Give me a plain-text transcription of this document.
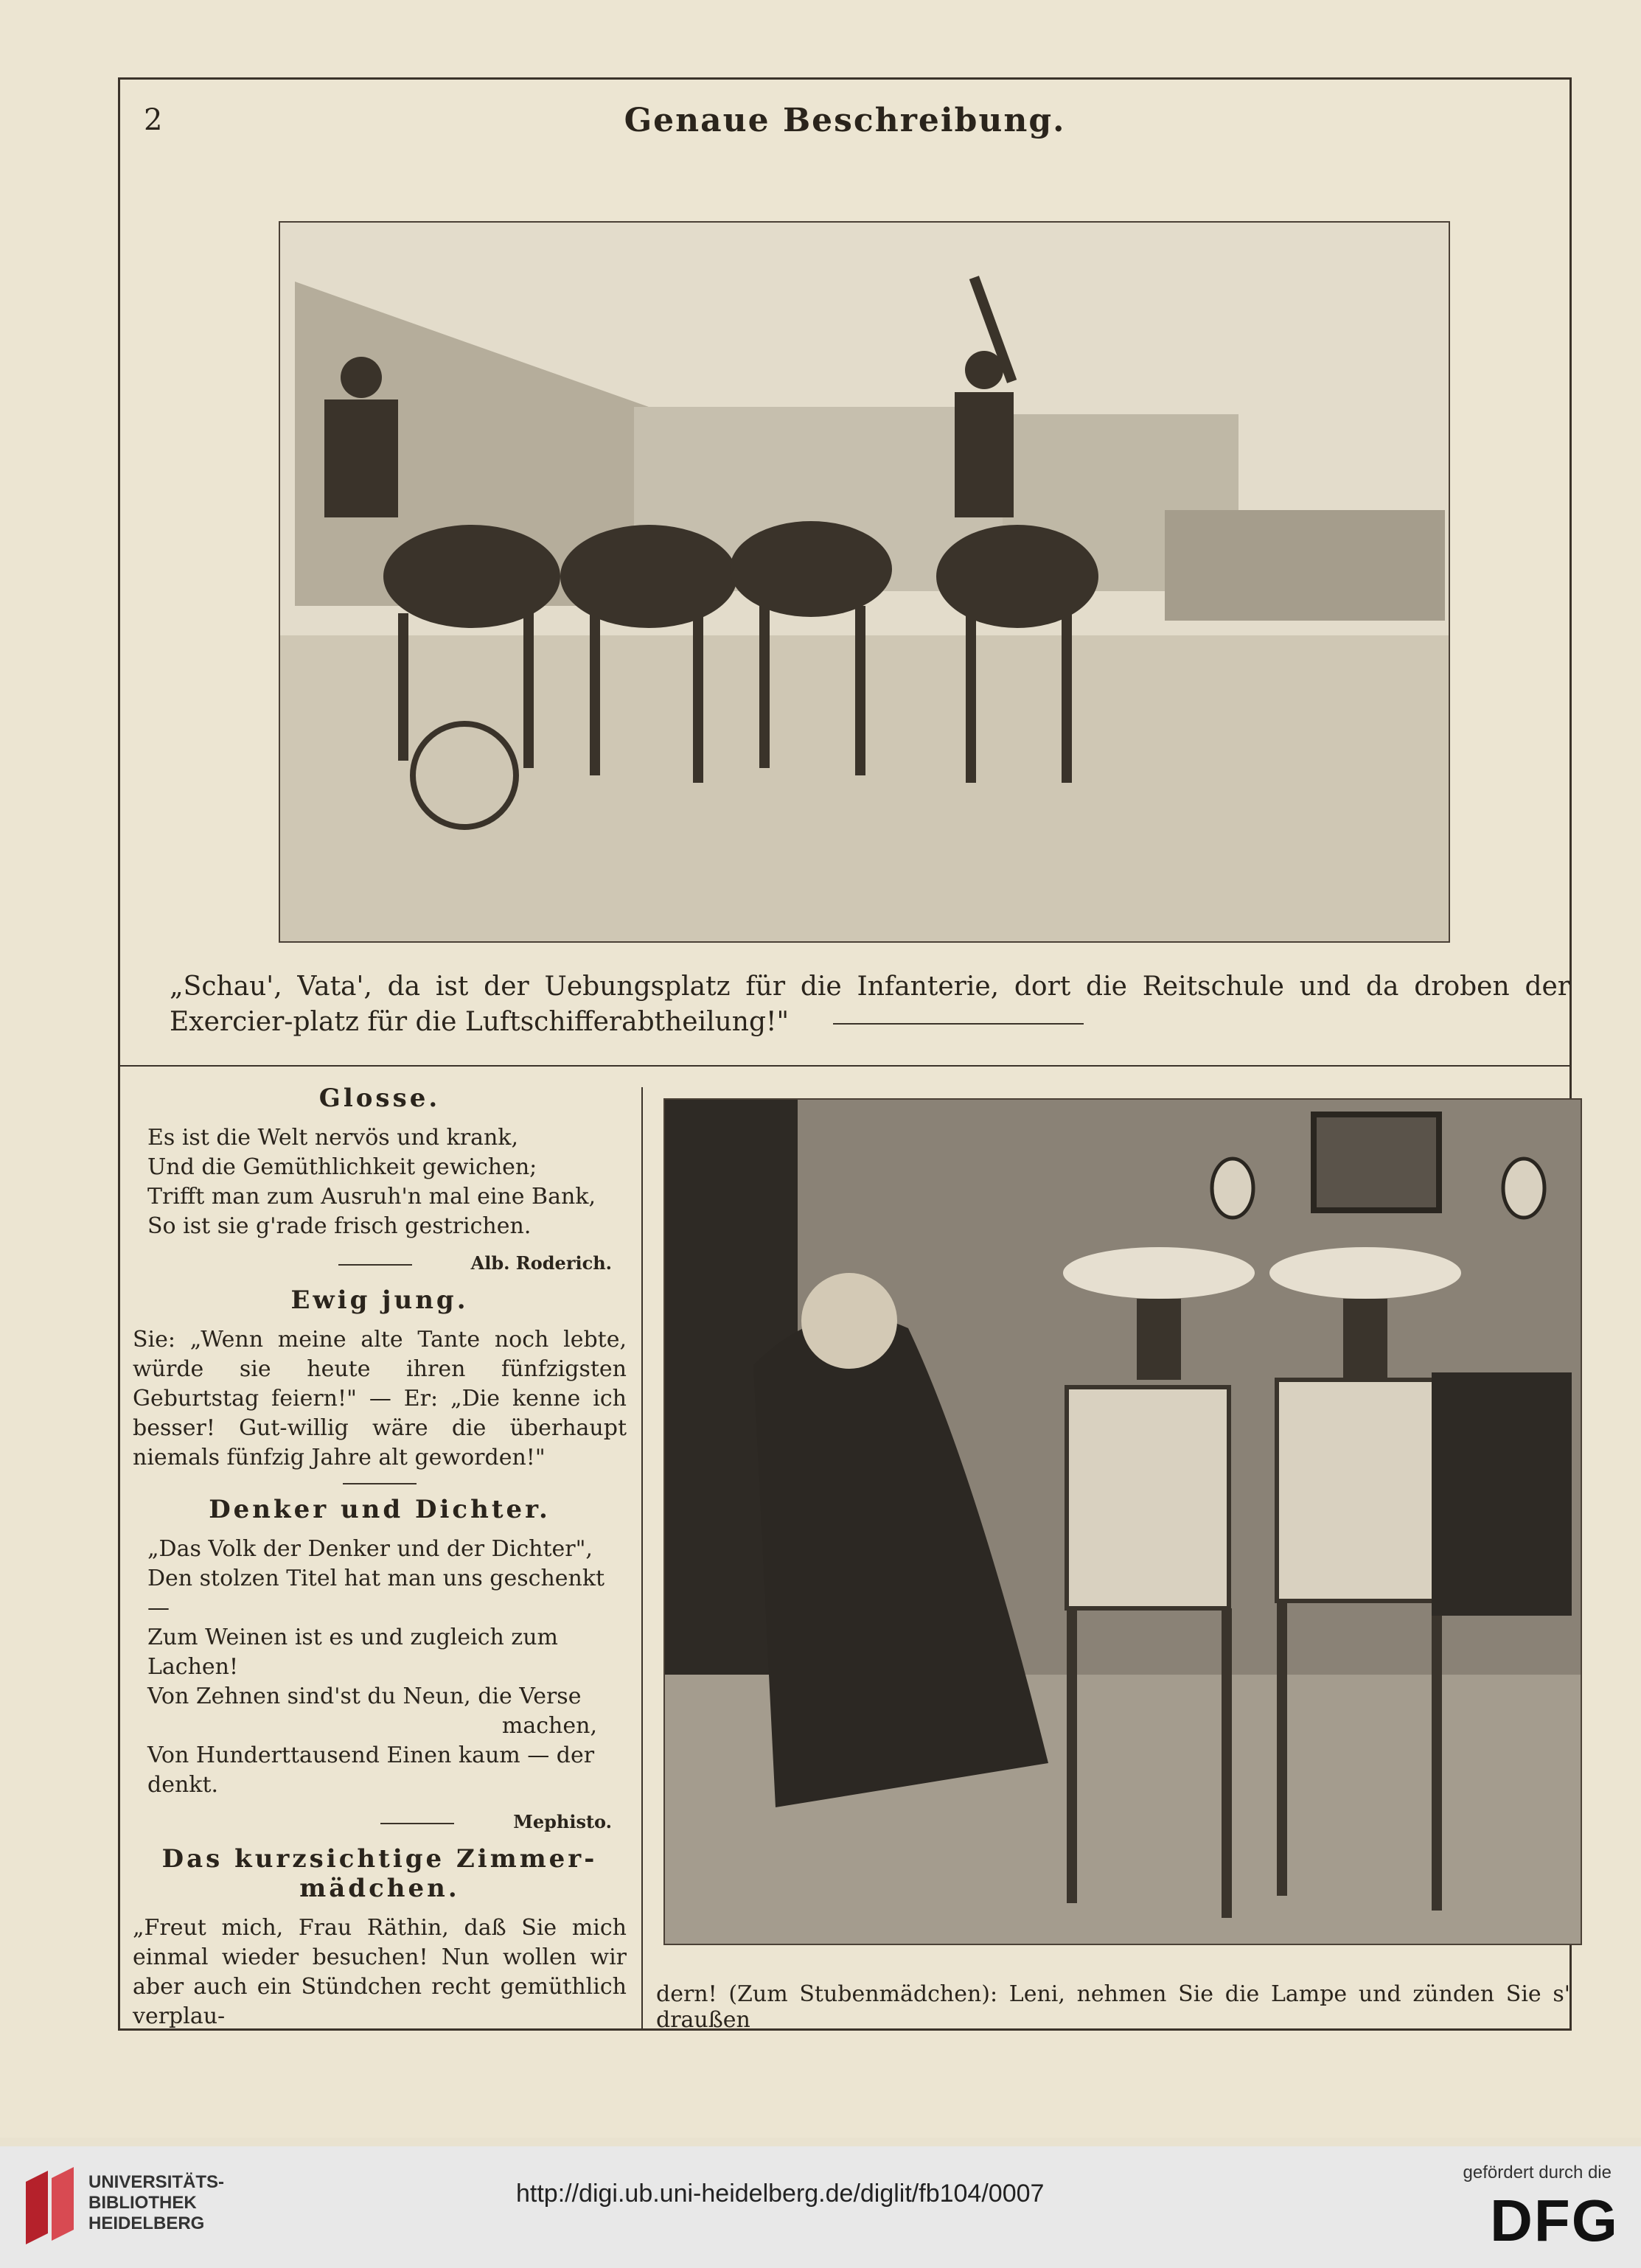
2	Genaue Beschreibung.
„Schau', Vata', da ist der Uebungsplatz für die Infanterie, dort die Reitschule und da droben der Exercier-platz für die Luftschifferabtheilung!"
Glosse.
Es ist die Welt nervös und krank,
Und die Gemüthlichkeit gewichen;
Trifft man zum Ausruh'n mal eine Bank,
So ist sie g'rade frisch gestrichen.
Alb. Roderich.
Ewig jung.

Sie: „Wenn meine alte Tante noch lebte, würde sie heute ihren fünfzigsten Geburtstag feiern!" — Er: „Die kenne ich besser! Gut-willig wäre die überhaupt niemals fünfzig Jahre alt geworden!"

Denker und Dichter.
„Das Volk der Denker und der Dichter",
Den stolzen Titel hat man uns geschenkt —
Zum Weinen ist es und zugleich zum Lachen!
Von Zehnen sind'st du Neun, die Verse
machen,
Von Hunderttausend Einen kaum — der denkt.
Mephisto.
Das kurzsichtige Zimmer-mädchen.

„Freut mich, Frau Räthin, daß Sie mich einmal wieder besuchen! Nun wollen wir aber auch ein Stündchen recht gemüthlich verplau-

dern! (Zum Stubenmädchen): Leni, nehmen Sie die Lampe und zünden Sie s' draußen
UNIVERSITÄTS-
BIBLIOTHEK
HEIDELBERG
http://digi.ub.uni-heidelberg.de/diglit/fb104/0007
gefördert durch die
DFG
